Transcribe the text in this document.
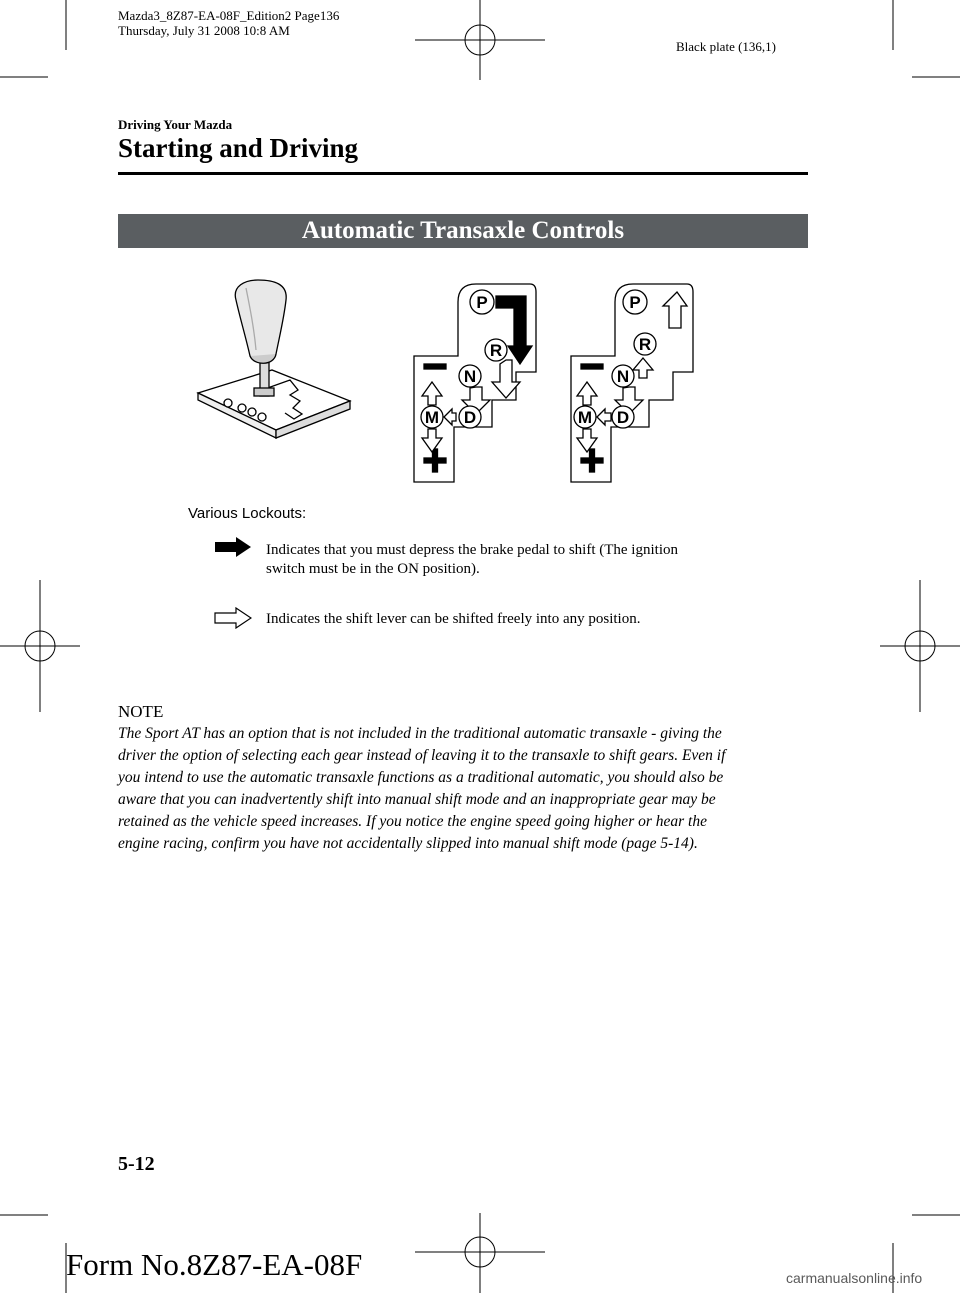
Mazda3_8Z87-EA-08F_Edition2 Page136
Thursday, July 31 2008 10:8 AM
Black plate (136,1)
Driving Your Mazda
Starting and Driving
Automatic Transaxle Controls
P
R
N
D
M
P
R
N
D
M
Various Lockouts:
Indicates that you must depress the brake pedal to shift (The ignition
switch must be in the ON position).
Indicates the shift lever can be shifted freely into any position.
NOTE
The Sport AT has an option that is not included in the traditional automatic transaxle - giving the
driver the option of selecting each gear instead of leaving it to the transaxle to shift gears. Even if
you intend to use the automatic transaxle functions as a traditional automatic, you should also be
aware that you can inadvertently shift into manual shift mode and an inappropriate gear may be
retained as the vehicle speed increases. If you notice the engine speed going higher or hear the
engine racing, confirm you have not accidentally slipped into manual shift mode (page 5-14).
5-12
Form No.8Z87-EA-08F	carmanualsonline.info
